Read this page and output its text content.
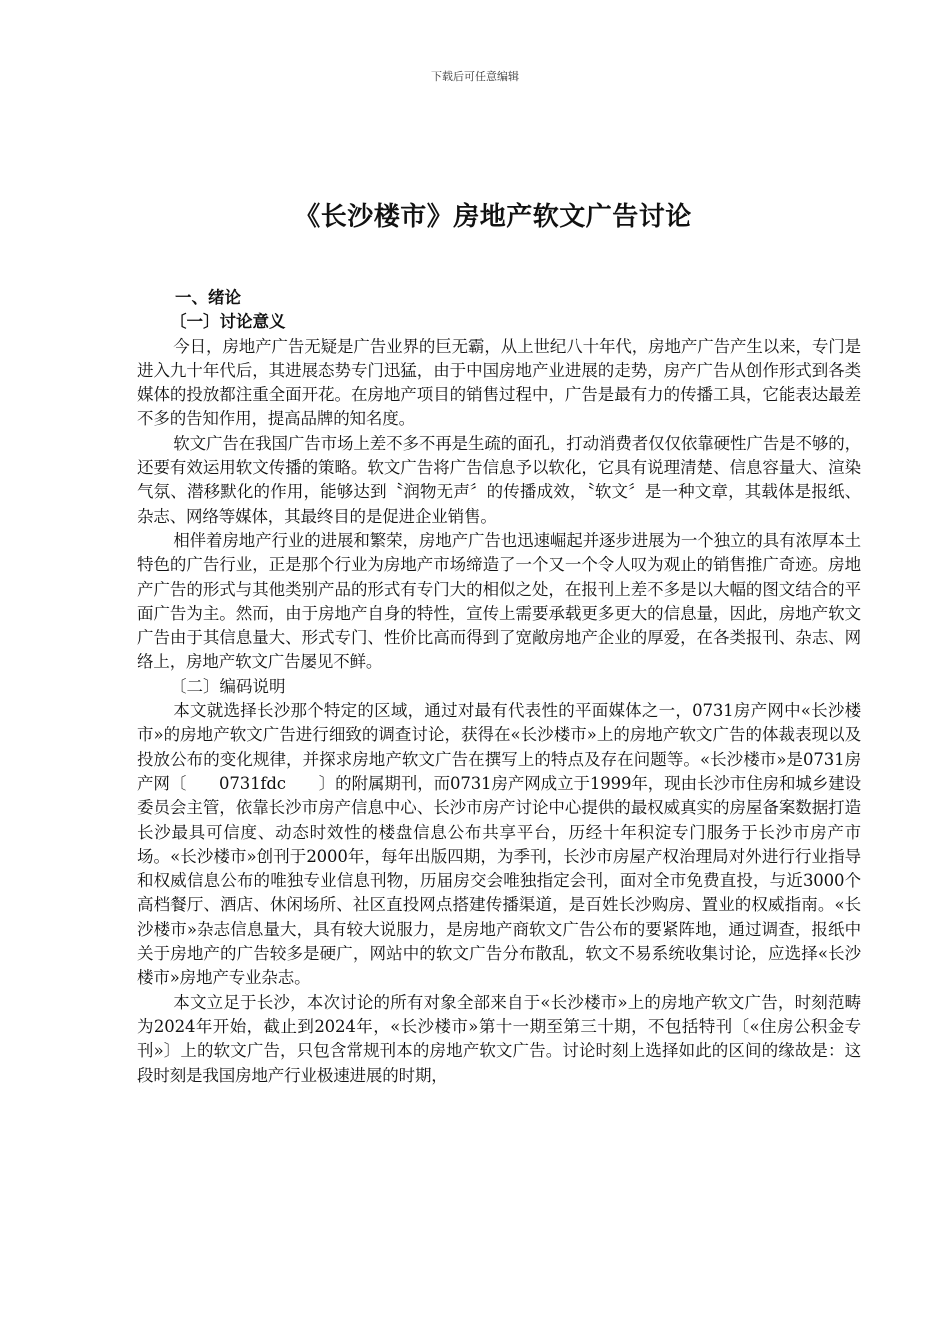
下载后可任意编辑
《长沙楼市》房地产软文广告讨论
一、绪论
〔一〕讨论意义

今日，房地产广告无疑是广告业界的巨无霸，从上世纪八十年代，房地产广告产生以来，专门是进入九十年代后，其进展态势专门迅猛，由于中国房地产业进展的走势，房产广告从创作形式到各类媒体的投放都注重全面开花。在房地产项目的销售过程中，广告是最有力的传播工具，它能表达最差不多的告知作用，提高品牌的知名度。

软文广告在我国广告市场上差不多不再是生疏的面孔，打动消费者仅仅依靠硬性广告是不够的，还要有效运用软文传播的策略。软文广告将广告信息予以软化，它具有说理清楚、信息容量大、渲染气氛、潜移默化的作用，能够达到〝润物无声〞的传播成效，〝软文〞是一种文章，其载体是报纸、杂志、网络等媒体，其最终目的是促进企业销售。

相伴着房地产行业的进展和繁荣，房地产广告也迅速崛起并逐步进展为一个独立的具有浓厚本土特色的广告行业，正是那个行业为房地产市场缔造了一个又一个令人叹为观止的销售推广奇迹。房地产广告的形式与其他类别产品的形式有专门大的相似之处，在报刊上差不多是以大幅的图文结合的平面广告为主。然而，由于房地产自身的特性，宣传上需要承载更多更大的信息量，因此，房地产软文广告由于其信息量大、形式专门、性价比高而得到了宽敞房地产企业的厚爱，在各类报刊、杂志、网络上，房地产软文广告屡见不鲜。

〔二〕编码说明

本文就选择长沙那个特定的区域，通过对最有代表性的平面媒体之一，0731房产网中«长沙楼市»的房地产软文广告进行细致的调查讨论，获得在«长沙楼市»上的房地产软文广告的体裁表现以及投放公布的变化规律，并探求房地产软文广告在撰写上的特点及存在问题等。«长沙楼市»是0731房产网〔　　0731fdc　　〕的附属期刊，而0731房产网成立于1999年，现由长沙市住房和城乡建设委员会主管，依靠长沙市房产信息中心、长沙市房产讨论中心提供的最权威真实的房屋备案数据打造长沙最具可信度、动态时效性的楼盘信息公布共享平台，历经十年积淀专门服务于长沙市房产市场。«长沙楼市»创刊于2000年，每年出版四期，为季刊，长沙市房屋产权治理局对外进行行业指导和权威信息公布的唯独专业信息刊物，历届房交会唯独指定会刊，面对全市免费直投，与近3000个高档餐厅、酒店、休闲场所、社区直投网点搭建传播渠道，是百姓长沙购房、置业的权威指南。«长沙楼市»杂志信息量大，具有较大说服力，是房地产商软文广告公布的要紧阵地，通过调查，报纸中关于房地产的广告较多是硬广，网站中的软文广告分布散乱，软文不易系统收集讨论，应选择«长沙楼市»房地产专业杂志。

本文立足于长沙，本次讨论的所有对象全部来自于«长沙楼市»上的房地产软文广告，时刻范畴为2024年开始，截止到2024年，«长沙楼市»第十一期至第三十期，不包括特刊〔«住房公积金专刊»〕上的软文广告，只包含常规刊本的房地产软文广告。讨论时刻上选择如此的区间的缘故是：这段时刻是我国房地产行业极速进展的时期，
